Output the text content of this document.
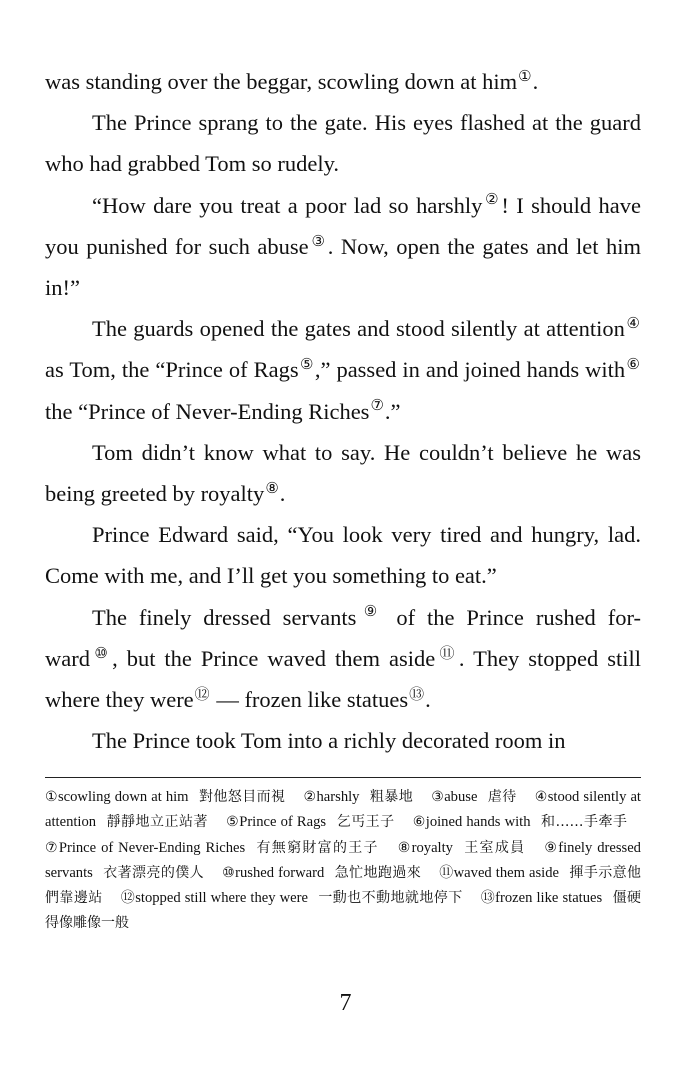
was standing over the beggar, scowling down at him①.

The Prince sprang to the gate. His eyes flashed at the guard who had grabbed Tom so rudely.

“How dare you treat a poor lad so harshly②! I should have you punished for such abuse③. Now, open the gates and let him in!”

The guards opened the gates and stood silently at attention④ as Tom, the “Prince of Rags⑤,” passed in and joined hands with⑥ the “Prince of Never-Ending Riches⑦.”

Tom didn’t know what to say. He couldn’t believe he was being greeted by royalty⑧.

Prince Edward said, “You look very tired and hungry, lad. Come with me, and I’ll get you something to eat.”

The finely dressed servants⑨ of the Prince rushed for-ward⑩, but the Prince waved them aside⑪. They stopped still where they were⑫ — frozen like statues⑬.

The Prince took Tom into a richly decorated room in

①scowling down at him 對他怒目而視 ②harshly 粗暴地 ③abuse 虐待 ④stood silently at attention 靜靜地立正站著 ⑤Prince of Rags 乞丐王子 ⑥joined hands with 和……手牽手 ⑦Prince of Never-Ending Riches 有無窮財富的王子 ⑧royalty 王室成員 ⑨finely dressed servants 衣著漂亮的僕人 ⑩rushed forward 急忙地跑過來 ⑪waved them aside 揮手示意他們靠邊站 ⑫stopped still where they were 一動也不動地就地停下 ⑬frozen like statues 僵硬得像雕像一般
7
